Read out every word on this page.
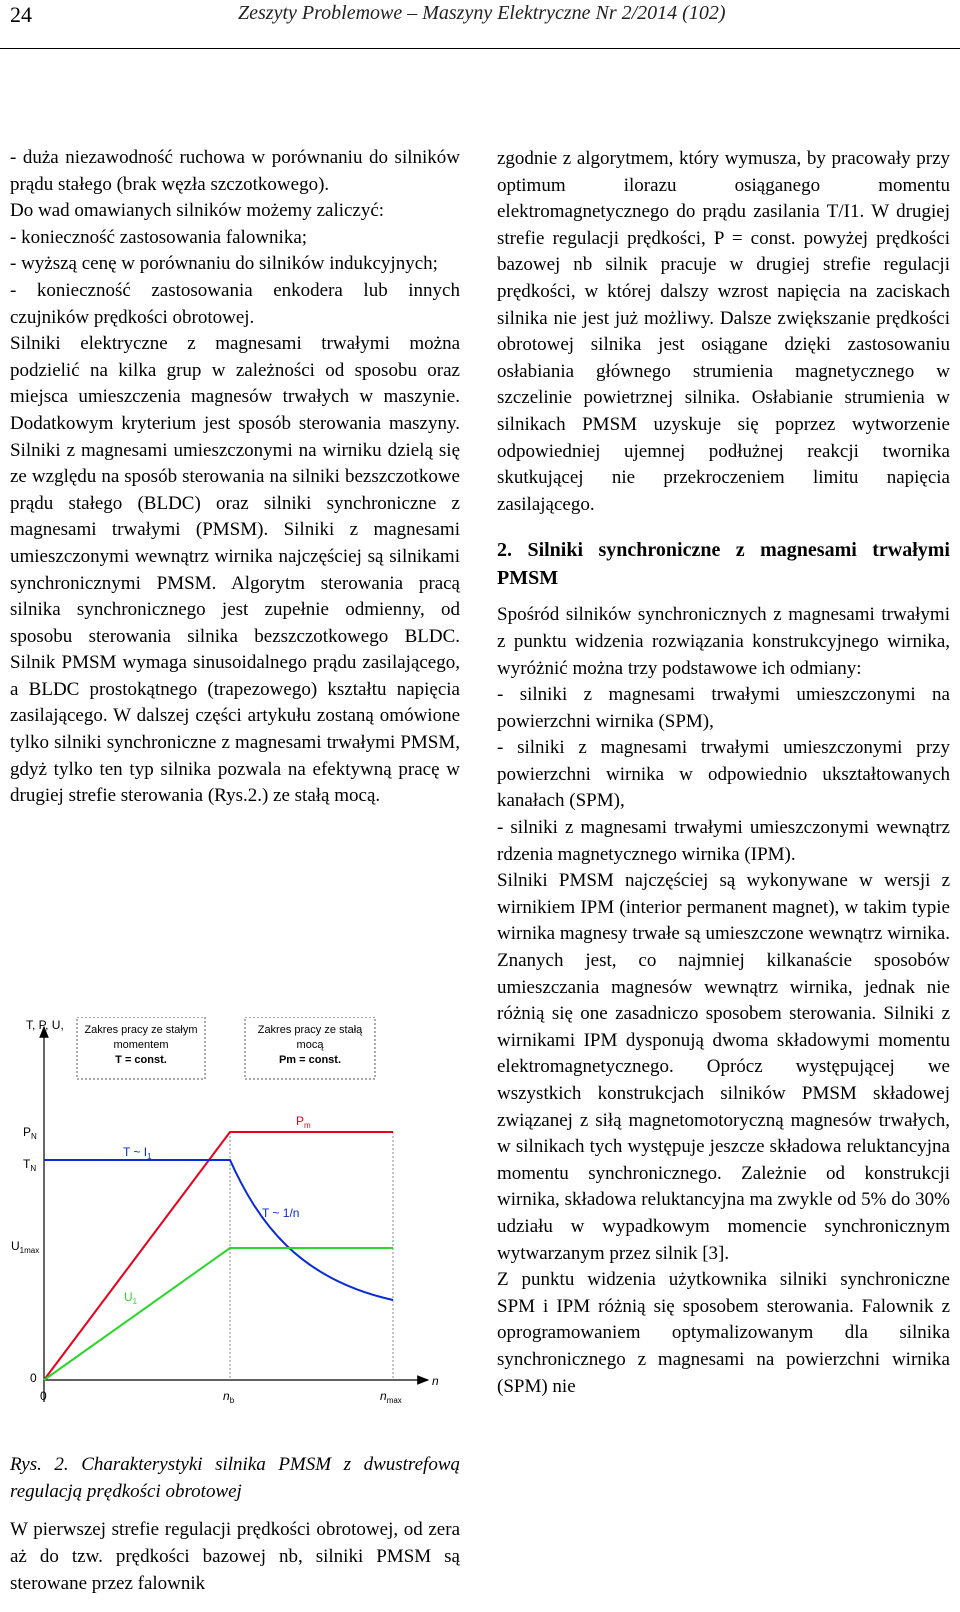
24	Zeszyty Problemowe – Maszyny Elektryczne Nr 2/2014 (102)

- duża niezawodność ruchowa w porównaniu do silników prądu stałego (brak węzła szczotkowego).

Do wad omawianych silników możemy zaliczyć:

- konieczność zastosowania falownika;

- wyższą cenę w porównaniu do silników indukcyjnych;

- konieczność zastosowania enkodera lub innych czujników prędkości obrotowej.

Silniki elektryczne z magnesami trwałymi można podzielić na kilka grup w zależności od sposobu oraz miejsca umieszczenia magnesów trwałych w maszynie. Dodatkowym kryterium jest sposób sterowania maszyny. Silniki z magnesami umieszczonymi na wirniku dzielą się ze względu na sposób sterowania na silniki bezszczotkowe prądu stałego (BLDC) oraz silniki synchroniczne z magnesami trwałymi (PMSM). Silniki z magnesami umieszczonymi wewnątrz wirnika najczęściej są silnikami synchronicznymi PMSM. Algorytm sterowania pracą silnika synchronicznego jest zupełnie odmienny, od sposobu sterowania silnika bezszczotkowego BLDC. Silnik PMSM wymaga sinusoidalnego prądu zasilającego, a BLDC prostokątnego (trapezowego) kształtu napięcia zasilającego. W dalszej części artykułu zostaną omówione tylko silniki synchroniczne z magnesami trwałymi PMSM, gdyż tylko ten typ silnika pozwala na efektywną pracę w drugiej strefie sterowania (Rys.2.) ze stałą mocą.

T, P, U, Zakres pracy ze stałym
momentem
T = const.
Zakres pracy ze stałą
mocą
Pm = const.
$P_N$
$T_N$
$U_{1max}$
0
0	$n_b$	$n_{max}$
n
$P_m$
T ~ $I_1$
T ~ 1/n
$U_1$
Rys. 2. Charakterystyki silnika PMSM z dwustrefową regulacją prędkości obrotowej
W pierwszej strefie regulacji prędkości obrotowej, od zera aż do tzw. prędkości bazowej nb, silniki PMSM są sterowane przez falownik

zgodnie z algorytmem, który wymusza, by pracowały przy optimum ilorazu osiąganego momentu elektromagnetycznego do prądu zasilania T/I1. W drugiej strefie regulacji prędkości, P = const. powyżej prędkości bazowej nb silnik pracuje w drugiej strefie regulacji prędkości, w której dalszy wzrost napięcia na zaciskach silnika nie jest już możliwy. Dalsze zwiększanie prędkości obrotowej silnika jest osiągane dzięki zastosowaniu osłabiania głównego strumienia magnetycznego w szczelinie powietrznej silnika. Osłabianie strumienia w silnikach PMSM uzyskuje się poprzez wytworzenie odpowiedniej ujemnej podłużnej reakcji twornika skutkującej nie przekroczeniem limitu napięcia zasilającego.

2. Silniki synchroniczne z magnesami trwałymi PMSM

Spośród silników synchronicznych z magnesami trwałymi z punktu widzenia rozwiązania konstrukcyjnego wirnika, wyróżnić można trzy podstawowe ich odmiany:

- silniki z magnesami trwałymi umieszczonymi na powierzchni wirnika (SPM),

- silniki z magnesami trwałymi umieszczonymi przy powierzchni wirnika w odpowiednio ukształtowanych kanałach (SPM),

- silniki z magnesami trwałymi umieszczonymi wewnątrz rdzenia magnetycznego wirnika (IPM).

Silniki PMSM najczęściej są wykonywane w wersji z wirnikiem IPM (interior permanent magnet), w takim typie wirnika magnesy trwałe są umieszczone wewnątrz wirnika. Znanych jest, co najmniej kilkanaście sposobów umieszczania magnesów wewnątrz wirnika, jednak nie różnią się one zasadniczo sposobem sterowania. Silniki z wirnikami IPM dysponują dwoma składowymi momentu elektromagnetycznego. Oprócz występującej we wszystkich konstrukcjach silników PMSM składowej związanej z siłą magnetomotoryczną magnesów trwałych, w silnikach tych występuje jeszcze składowa reluktancyjna momentu synchronicznego. Zależnie od konstrukcji wirnika, składowa reluktancyjna ma zwykle od 5% do 30% udziału w wypadkowym momencie synchronicznym wytwarzanym przez silnik [3].

Z punktu widzenia użytkownika silniki synchroniczne SPM i IPM różnią się sposobem sterowania. Falownik z oprogramowaniem optymalizowanym dla silnika synchronicznego z magnesami na powierzchni wirnika (SPM) nie
